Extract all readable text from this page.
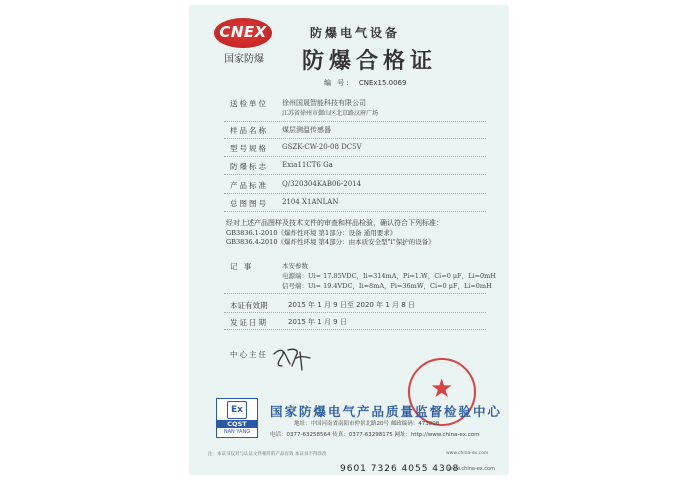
CNEX
国家防爆
防爆电气设备
防爆合格证
编 号: CNEx15.0069
送检单位 徐州国晟智能科技有限公司
江苏省徐州市鄞山区北京路汉府广场
样品名称 煤层测温传感器
型号规格 GSZK-CW-20-08 DC5V
防爆标志 Exia11CT6 Ga
产品标准 Q/320304KAB06-2014
总图图号 2104 X1ANLAN
经对上述产品图样及技术文件的审查和样品检验，确认符合下列标准：
GB3836.1-2010《爆炸性环境 第1部分：设备 通用要求》
GB3836.4-2010《爆炸性环境 第4部分：由本质安全型"i"保护的设备》
记 事	本安参数
电源端：Ui= 17.85VDC，Ii=314mA，Pi=1.W，Ci=0 μF，Li=0mH
信号端：Ui= 19.4VDC，Ii=8mA，Pi=36mW，Ci=0 μF，Li=0mH
本证有效期	2015 年 1 月 9 日至 2020 年 1 月 8 日
发证日期	2015 年 1 月 9 日
中心主任
★
Ex
CQST
NAN YANG
国家防爆电气产品质量监督检验中心
地址：中国河南省南阳市仲景北路20号 邮政编码：473008
电话：0377-63258564 传真：0377-63298175 网址：http://www.china-ex.com
注：本证书仅对与认证文件相符的产品有效 本证书不得涂改	www.china-ex.com
9601 7326 4055 4308
www.china-ex.com
